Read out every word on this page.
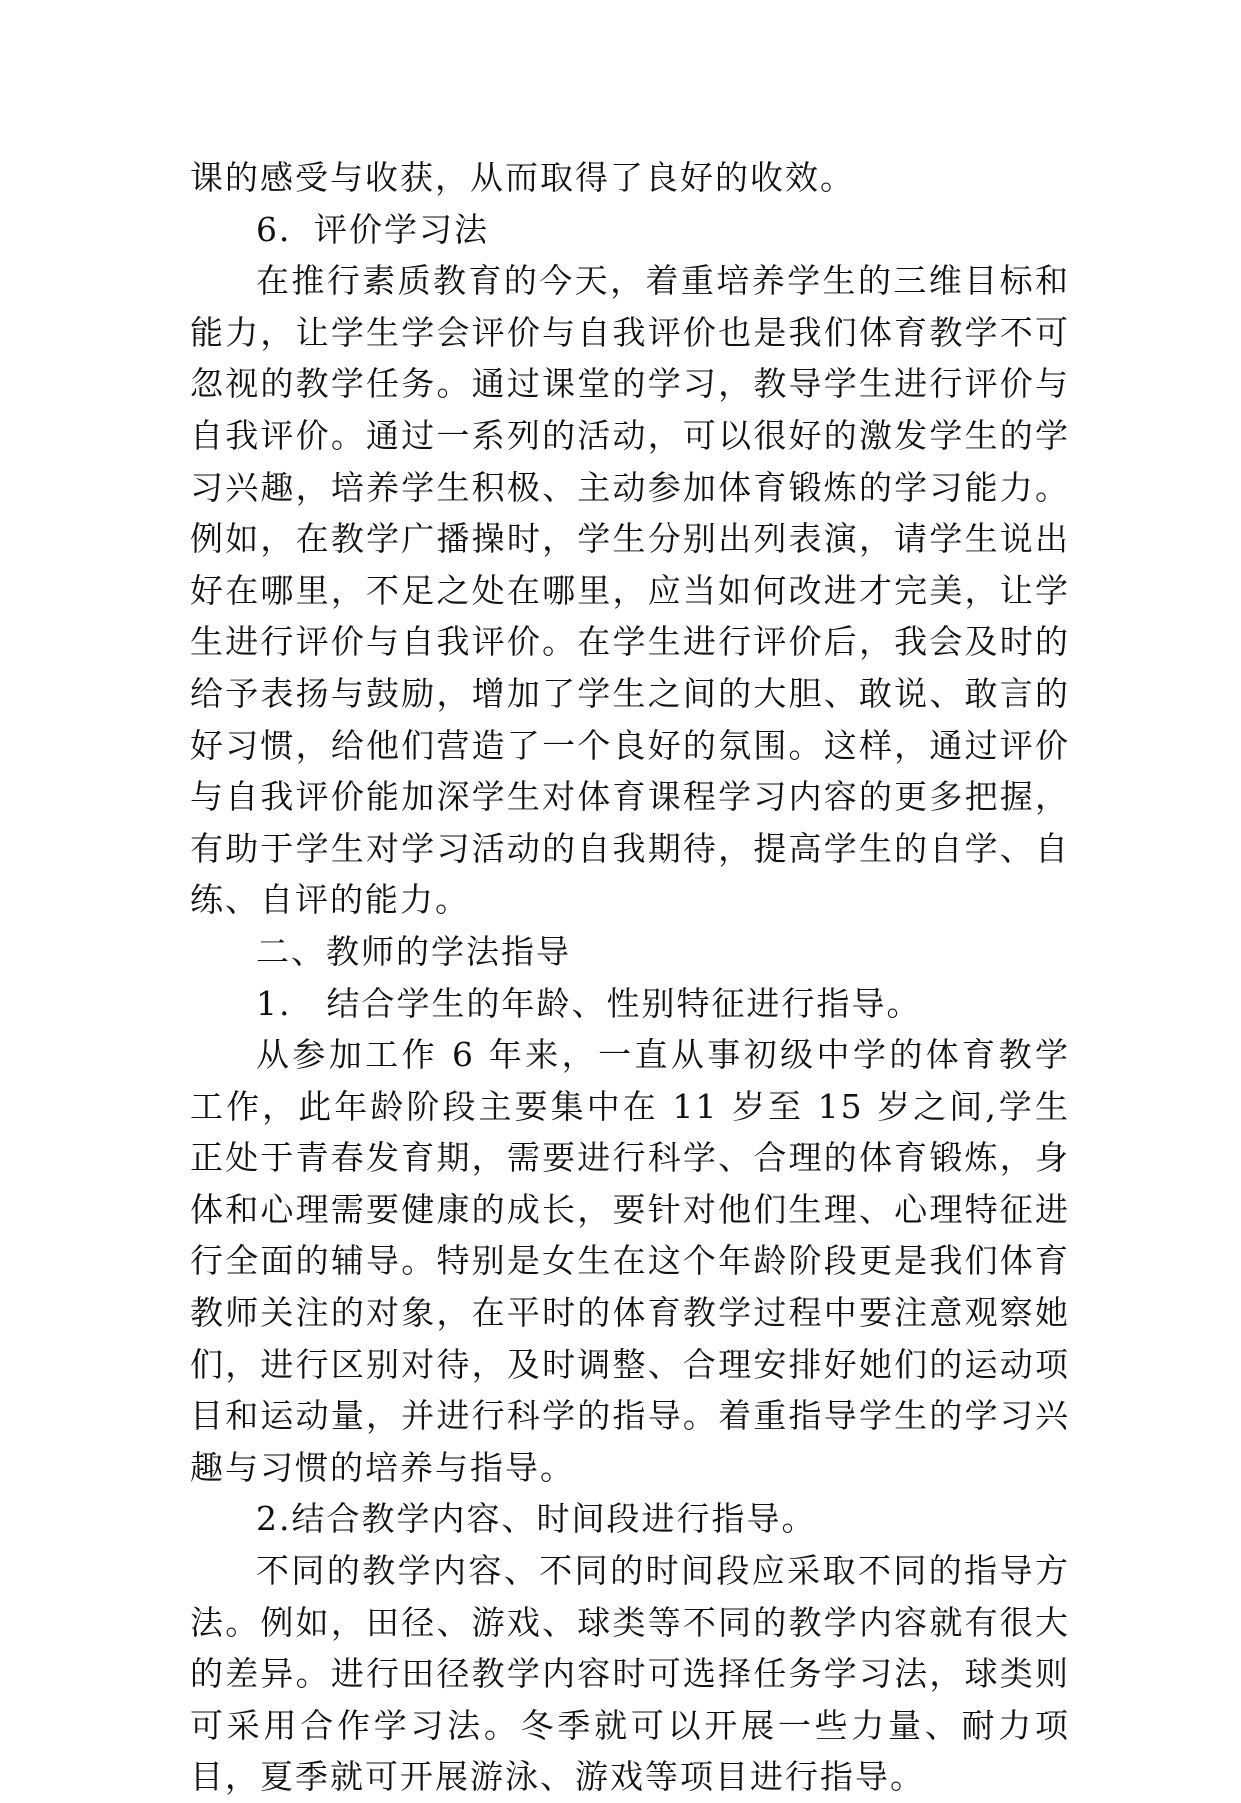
课的感受与收获，从而取得了良好的收效。

6．评价学习法

在推行素质教育的今天，着重培养学生的三维目标和能力，让学生学会评价与自我评价也是我们体育教学不可忽视的教学任务。通过课堂的学习，教导学生进行评价与自我评价。通过一系列的活动，可以很好的激发学生的学习兴趣，培养学生积极、主动参加体育锻炼的学习能力。例如，在教学广播操时，学生分别出列表演，请学生说出好在哪里，不足之处在哪里，应当如何改进才完美，让学生进行评价与自我评价。在学生进行评价后，我会及时的给予表扬与鼓励，增加了学生之间的大胆、敢说、敢言的好习惯，给他们营造了一个良好的氛围。这样，通过评价与自我评价能加深学生对体育课程学习内容的更多把握，有助于学生对学习活动的自我期待，提高学生的自学、自练、自评的能力。

二、教师的学法指导

1.　结合学生的年龄、性别特征进行指导。

从参加工作 6 年来，一直从事初级中学的体育教学工作，此年龄阶段主要集中在 11 岁至 15 岁之间,学生正处于青春发育期，需要进行科学、合理的体育锻炼，身体和心理需要健康的成长，要针对他们生理、心理特征进行全面的辅导。特别是女生在这个年龄阶段更是我们体育教师关注的对象，在平时的体育教学过程中要注意观察她们，进行区别对待，及时调整、合理安排好她们的运动项目和运动量，并进行科学的指导。着重指导学生的学习兴趣与习惯的培养与指导。

2.结合教学内容、时间段进行指导。

不同的教学内容、不同的时间段应采取不同的指导方法。例如，田径、游戏、球类等不同的教学内容就有很大的差异。进行田径教学内容时可选择任务学习法，球类则可采用合作学习法。冬季就可以开展一些力量、耐力项目，夏季就可开展游泳、游戏等项目进行指导。
